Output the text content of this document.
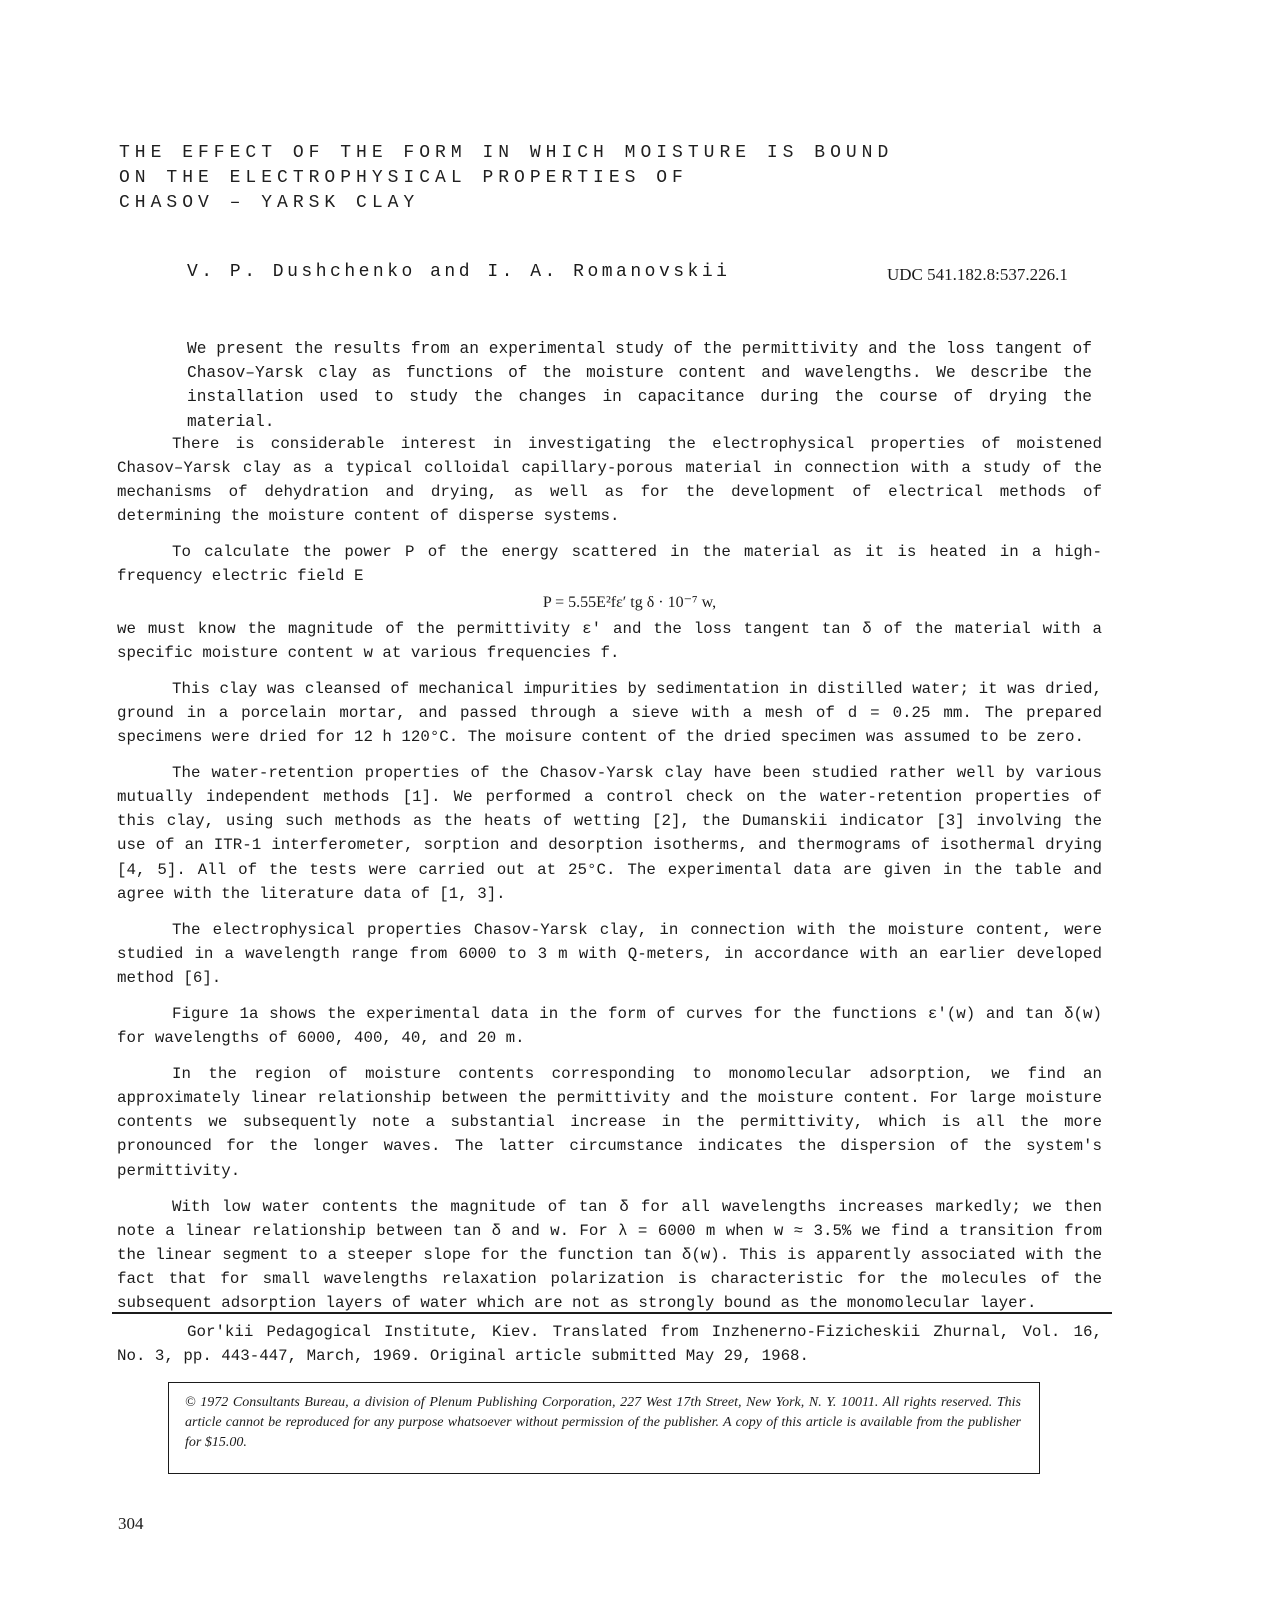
THE EFFECT OF THE FORM IN WHICH MOISTURE IS BOUND
ON THE ELECTROPHYSICAL PROPERTIES OF
CHASOV – YARSK CLAY
V. P. Dushchenko and I. A. Romanovskii	UDC 541.182.8:537.226.1
We present the results from an experimental study of the permittivity and the loss tangent of Chasov–Yarsk clay as functions of the moisture content and wavelengths. We describe the installation used to study the changes in capacitance during the course of drying the material.

There is considerable interest in investigating the electrophysical properties of moistened Chasov–Yarsk clay as a typical colloidal capillary-porous material in connection with a study of the mechanisms of dehydration and drying, as well as for the development of electrical methods of determining the moisture content of disperse systems.

To calculate the power P of the energy scattered in the material as it is heated in a high-frequency electric field E

P = 5.55E²fε′ tg δ · 10⁻⁷ w,

we must know the magnitude of the permittivity ε′ and the loss tangent tan δ of the material with a specific moisture content w at various frequencies f.

This clay was cleansed of mechanical impurities by sedimentation in distilled water; it was dried, ground in a porcelain mortar, and passed through a sieve with a mesh of d = 0.25 mm. The prepared specimens were dried for 12 h 120°C. The moisure content of the dried specimen was assumed to be zero.

The water-retention properties of the Chasov-Yarsk clay have been studied rather well by various mutually independent methods [1]. We performed a control check on the water-retention properties of this clay, using such methods as the heats of wetting [2], the Dumanskii indicator [3] involving the use of an ITR-1 interferometer, sorption and desorption isotherms, and thermograms of isothermal drying [4, 5]. All of the tests were carried out at 25°C. The experimental data are given in the table and agree with the literature data of [1, 3].

The electrophysical properties Chasov-Yarsk clay, in connection with the moisture content, were studied in a wavelength range from 6000 to 3 m with Q-meters, in accordance with an earlier developed method [6].

Figure 1a shows the experimental data in the form of curves for the functions ε′(w) and tan δ(w) for wavelengths of 6000, 400, 40, and 20 m.

In the region of moisture contents corresponding to monomolecular adsorption, we find an approximately linear relationship between the permittivity and the moisture content. For large moisture contents we subsequently note a substantial increase in the permittivity, which is all the more pronounced for the longer waves. The latter circumstance indicates the dispersion of the system's permittivity.

With low water contents the magnitude of tan δ for all wavelengths increases markedly; we then note a linear relationship between tan δ and w. For λ = 6000 m when w ≈ 3.5% we find a transition from the linear segment to a steeper slope for the function tan δ(w). This is apparently associated with the fact that for small wavelengths relaxation polarization is characteristic for the molecules of the subsequent adsorption layers of water which are not as strongly bound as the monomolecular layer.

Gor'kii Pedagogical Institute, Kiev. Translated from Inzhenerno-Fizicheskii Zhurnal, Vol. 16, No. 3, pp. 443-447, March, 1969. Original article submitted May 29, 1968.

© 1972 Consultants Bureau, a division of Plenum Publishing Corporation, 227 West 17th Street, New York, N. Y. 10011. All rights reserved. This article cannot be reproduced for any purpose whatsoever without permission of the publisher. A copy of this article is available from the publisher for $15.00.
304
